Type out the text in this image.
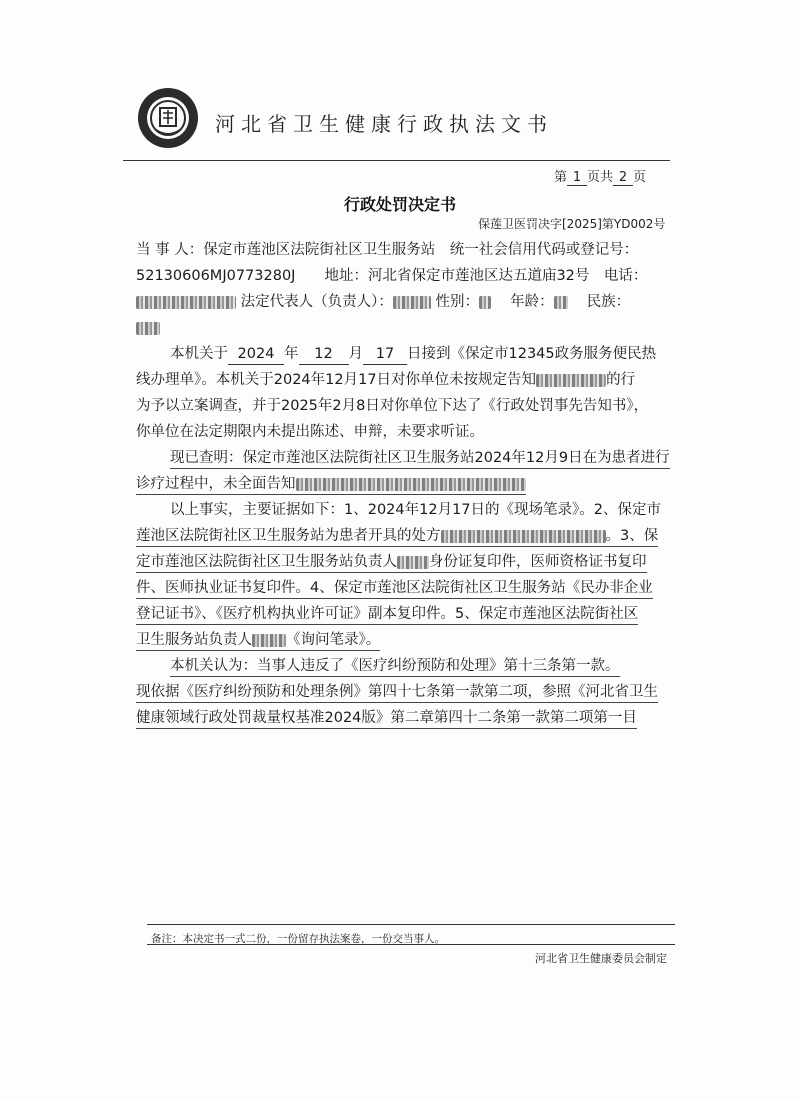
河北省卫生健康行政执法文书
第 1 页共 2 页
行政处罚决定书
保莲卫医罚决字[2025]第YD002号
当 事 人：保定市莲池区法院街社区卫生服务站　 统一社会信用代码或登记号：
52130606MJ0773280J　　 地址：河北省保定市莲池区达五道庙32号　 电话：
法定代表人（负责人）：	性别： 　 年龄： 　 民族：
本机关于 2024 年 12 月 17 日接到《保定市12345政务服务便民热
线办理单》。本机关于2024年12月17日对你单位未按规定告知	的行
为予以立案调查，并于2025年2月8日对你单位下达了《行政处罚事先告知书》，
你单位在法定期限内未提出陈述、申辩，未要求听证。
现已查明：保定市莲池区法院街社区卫生服务站2024年12月9日在为患者进行
诊疗过程中，未全面告知
以上事实，主要证据如下：1、2024年12月17日的《现场笔录》。2、保定市
莲池区法院街社区卫生服务站为患者开具的处方	。3、保
定市莲池区法院街社区卫生服务站负责人 身份证复印件，医师资格证书复印
件、医师执业证书复印件。4、保定市莲池区法院街社区卫生服务站《民办非企业
登记证书》、《医疗机构执业许可证》副本复印件。5、保定市莲池区法院街社区
卫生服务站负责人 《询问笔录》。
本机关认为：当事人违反了《医疗纠纷预防和处理》第十三条第一款。
现依据《医疗纠纷预防和处理条例》第四十七条第一款第二项，参照《河北省卫生
健康领域行政处罚裁量权基准2024版》第二章第四十二条第一款第二项第一目
备注：本决定书一式二份，一份留存执法案卷，一份交当事人。
河北省卫生健康委员会制定
